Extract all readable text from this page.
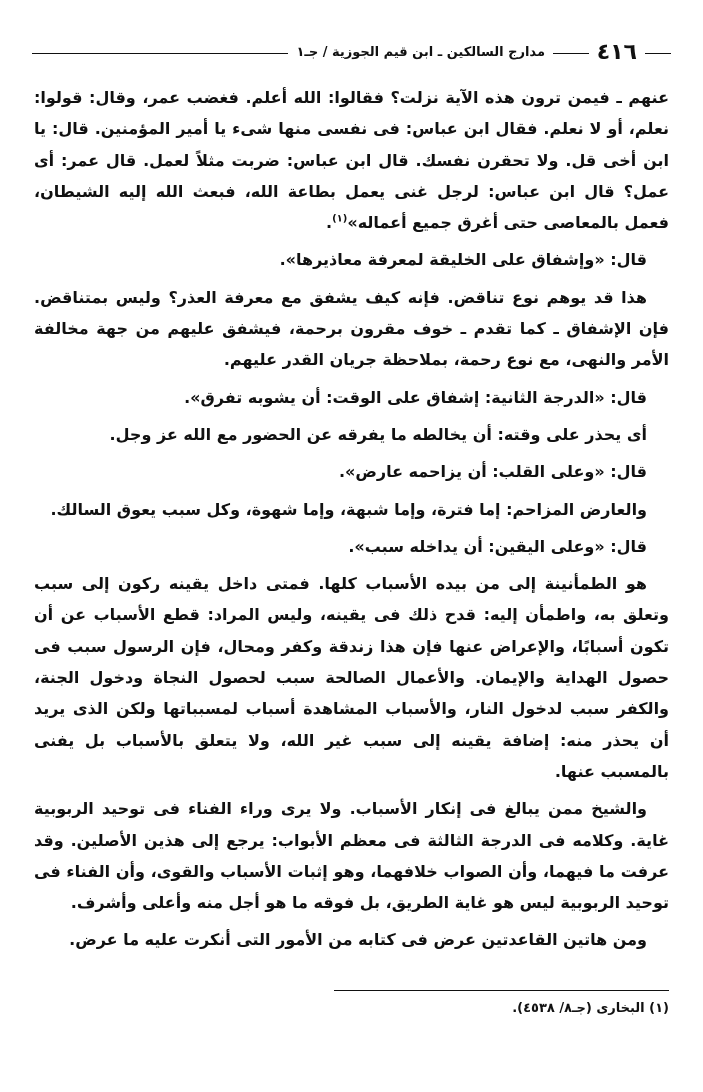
٤١٦
مدارج السالكين ـ ابن قيم الجوزية / جـ١

عنهم ـ فيمن ترون هذه الآية نزلت؟ فقالوا: الله أعلم. فغضب عمر، وقال: قولوا: نعلم، أو لا نعلم. فقال ابن عباس: فى نفسى منها شىء يا أمير المؤمنين. قال: يا ابن أخى قل. ولا تحقرن نفسك. قال ابن عباس: ضربت مثلاً لعمل. قال عمر: أى عمل؟ قال ابن عباس: لرجل غنى يعمل بطاعة الله، فبعث الله إليه الشيطان، فعمل بالمعاصى حتى أغرق جميع أعماله»$^{(١)}$.

قال: «وإشفاق على الخليقة لمعرفة معاذيرها».

هذا قد يوهم نوع تناقض. فإنه كيف يشفق مع معرفة العذر؟ وليس بمتناقض. فإن الإشفاق ـ كما تقدم ـ خوف مقرون برحمة، فيشفق عليهم من جهة مخالفة الأمر والنهى، مع نوع رحمة، بملاحظة جريان القدر عليهم.

قال: «الدرجة الثانية: إشفاق على الوقت: أن يشوبه تفرق».

أى يحذر على وقته: أن يخالطه ما يفرقه عن الحضور مع الله عز وجل.

قال: «وعلى القلب: أن يزاحمه عارض».

والعارض المزاحم: إما فترة، وإما شبهة، وإما شهوة، وكل سبب يعوق السالك.

قال: «وعلى اليقين: أن يداخله سبب».

هو الطمأنينة إلى من بيده الأسباب كلها. فمتى داخل يقينه ركون إلى سبب وتعلق به، واطمأن إليه: قدح ذلك فى يقينه، وليس المراد: قطع الأسباب عن أن تكون أسبابًا، والإعراض عنها فإن هذا زندقة وكفر ومحال، فإن الرسول سبب فى حصول الهداية والإيمان. والأعمال الصالحة سبب لحصول النجاة ودخول الجنة، والكفر سبب لدخول النار، والأسباب المشاهدة أسباب لمسبباتها ولكن الذى يريد أن يحذر منه: إضافة يقينه إلى سبب غير الله، ولا يتعلق بالأسباب بل يفنى بالمسبب عنها.

والشيخ ممن يبالغ فى إنكار الأسباب. ولا يرى وراء الفناء فى توحيد الربوبية غاية. وكلامه فى الدرجة الثالثة فى معظم الأبواب: يرجع إلى هذين الأصلين. وقد عرفت ما فيهما، وأن الصواب خلافهما، وهو إثبات الأسباب والقوى، وأن الفناء فى توحيد الربوبية ليس هو غاية الطريق، بل فوقه ما هو أجل منه وأعلى وأشرف.

ومن هاتين القاعدتين عرض فى كتابه من الأمور التى أنكرت عليه ما عرض.

(١) البخارى (جـ٨/ ٤٥٣٨).
